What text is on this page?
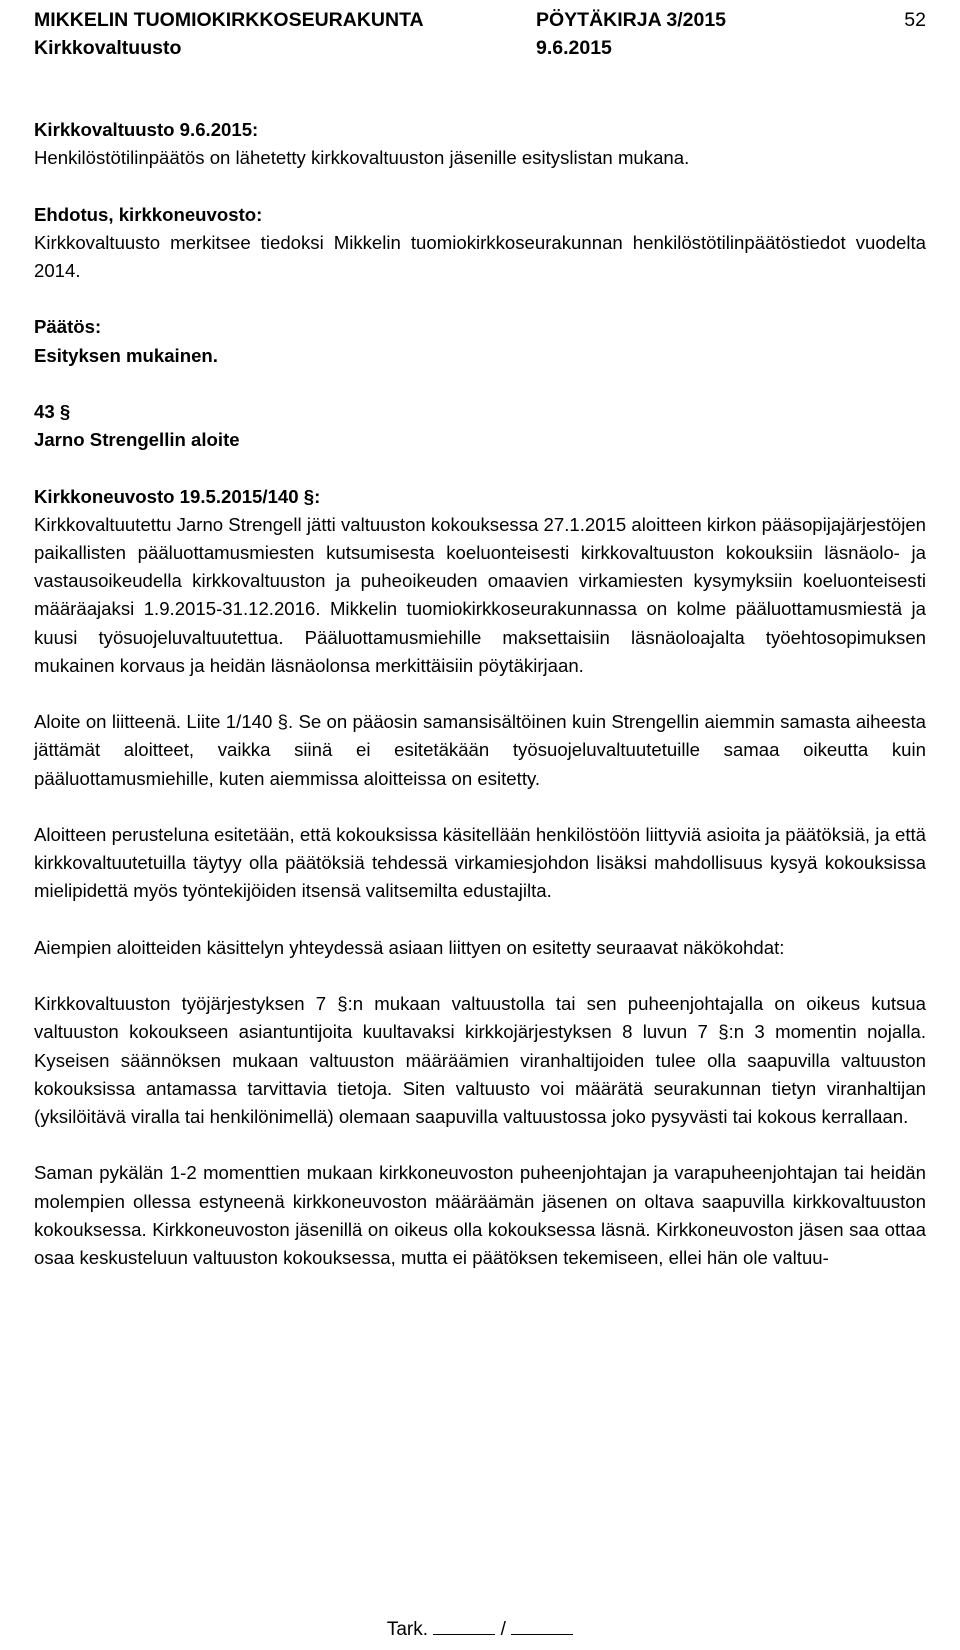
MIKKELIN TUOMIOKIRKKOSEURAKUNTA	PÖYTÄKIRJA 3/2015	52
Kirkkovaltuusto	9.6.2015

Kirkkovaltuusto 9.6.2015:

Henkilöstötilinpäätös on lähetetty kirkkovaltuuston jäsenille esityslistan mukana.

Ehdotus, kirkkoneuvosto:

Kirkkovaltuusto merkitsee tiedoksi Mikkelin tuomiokirkkoseurakunnan henkilöstötilinpäätöstiedot vuodelta 2014.

Päätös:

Esityksen mukainen.

43 §

Jarno Strengellin aloite

Kirkkoneuvosto 19.5.2015/140 §:

Kirkkovaltuutettu Jarno Strengell jätti valtuuston kokouksessa 27.1.2015 aloitteen kirkon pääsopijajärjestöjen paikallisten pääluottamusmiesten kutsumisesta koeluonteisesti kirkkovaltuuston kokouksiin läsnäolo- ja vastausoikeudella kirkkovaltuuston ja puheoikeuden omaavien virkamiesten kysymyksiin koeluonteisesti määräajaksi 1.9.2015-31.12.2016. Mikkelin tuomiokirkkoseurakunnassa on kolme pääluottamusmiestä ja kuusi työsuojeluvaltuutettua. Pääluottamusmiehille maksettaisiin läsnäoloajalta työehtosopimuksen mukainen korvaus ja heidän läsnäolonsa merkittäisiin pöytäkirjaan.

Aloite on liitteenä. Liite 1/140 §. Se on pääosin samansisältöinen kuin Strengellin aiemmin samasta aiheesta jättämät aloitteet, vaikka siinä ei esitetäkään työsuojeluvaltuutetuille samaa oikeutta kuin pääluottamusmiehille, kuten aiemmissa aloitteissa on esitetty.

Aloitteen perusteluna esitetään, että kokouksissa käsitellään henkilöstöön liittyviä asioita ja päätöksiä, ja että kirkkovaltuutetuilla täytyy olla päätöksiä tehdessä virkamiesjohdon lisäksi mahdollisuus kysyä kokouksissa mielipidettä myös työntekijöiden itsensä valitsemilta edustajilta.

Aiempien aloitteiden käsittelyn yhteydessä asiaan liittyen on esitetty seuraavat näkökohdat:

Kirkkovaltuuston työjärjestyksen 7 §:n mukaan valtuustolla tai sen puheenjohtajalla on oikeus kutsua valtuuston kokoukseen asiantuntijoita kuultavaksi kirkkojärjestyksen 8 luvun 7 §:n 3 momentin nojalla. Kyseisen säännöksen mukaan valtuuston määräämien viranhaltijoiden tulee olla saapuvilla valtuuston kokouksissa antamassa tarvittavia tietoja. Siten valtuusto voi määrätä seurakunnan tietyn viranhaltijan (yksilöitävä viralla tai henkilönimellä) olemaan saapuvilla valtuustossa joko pysyvästi tai kokous kerrallaan.

Saman pykälän 1-2 momenttien mukaan kirkkoneuvoston puheenjohtajan ja varapuheenjohtajan tai heidän molempien ollessa estyneenä kirkkoneuvoston määräämän jäsenen on oltava saapuvilla kirkkovaltuuston kokouksessa. Kirkkoneuvoston jäsenillä on oikeus olla kokouksessa läsnä. Kirkkoneuvoston jäsen saa ottaa osaa keskusteluun valtuuston kokouksessa, mutta ei päätöksen tekemiseen, ellei hän ole valtuu-

Tark.	/
